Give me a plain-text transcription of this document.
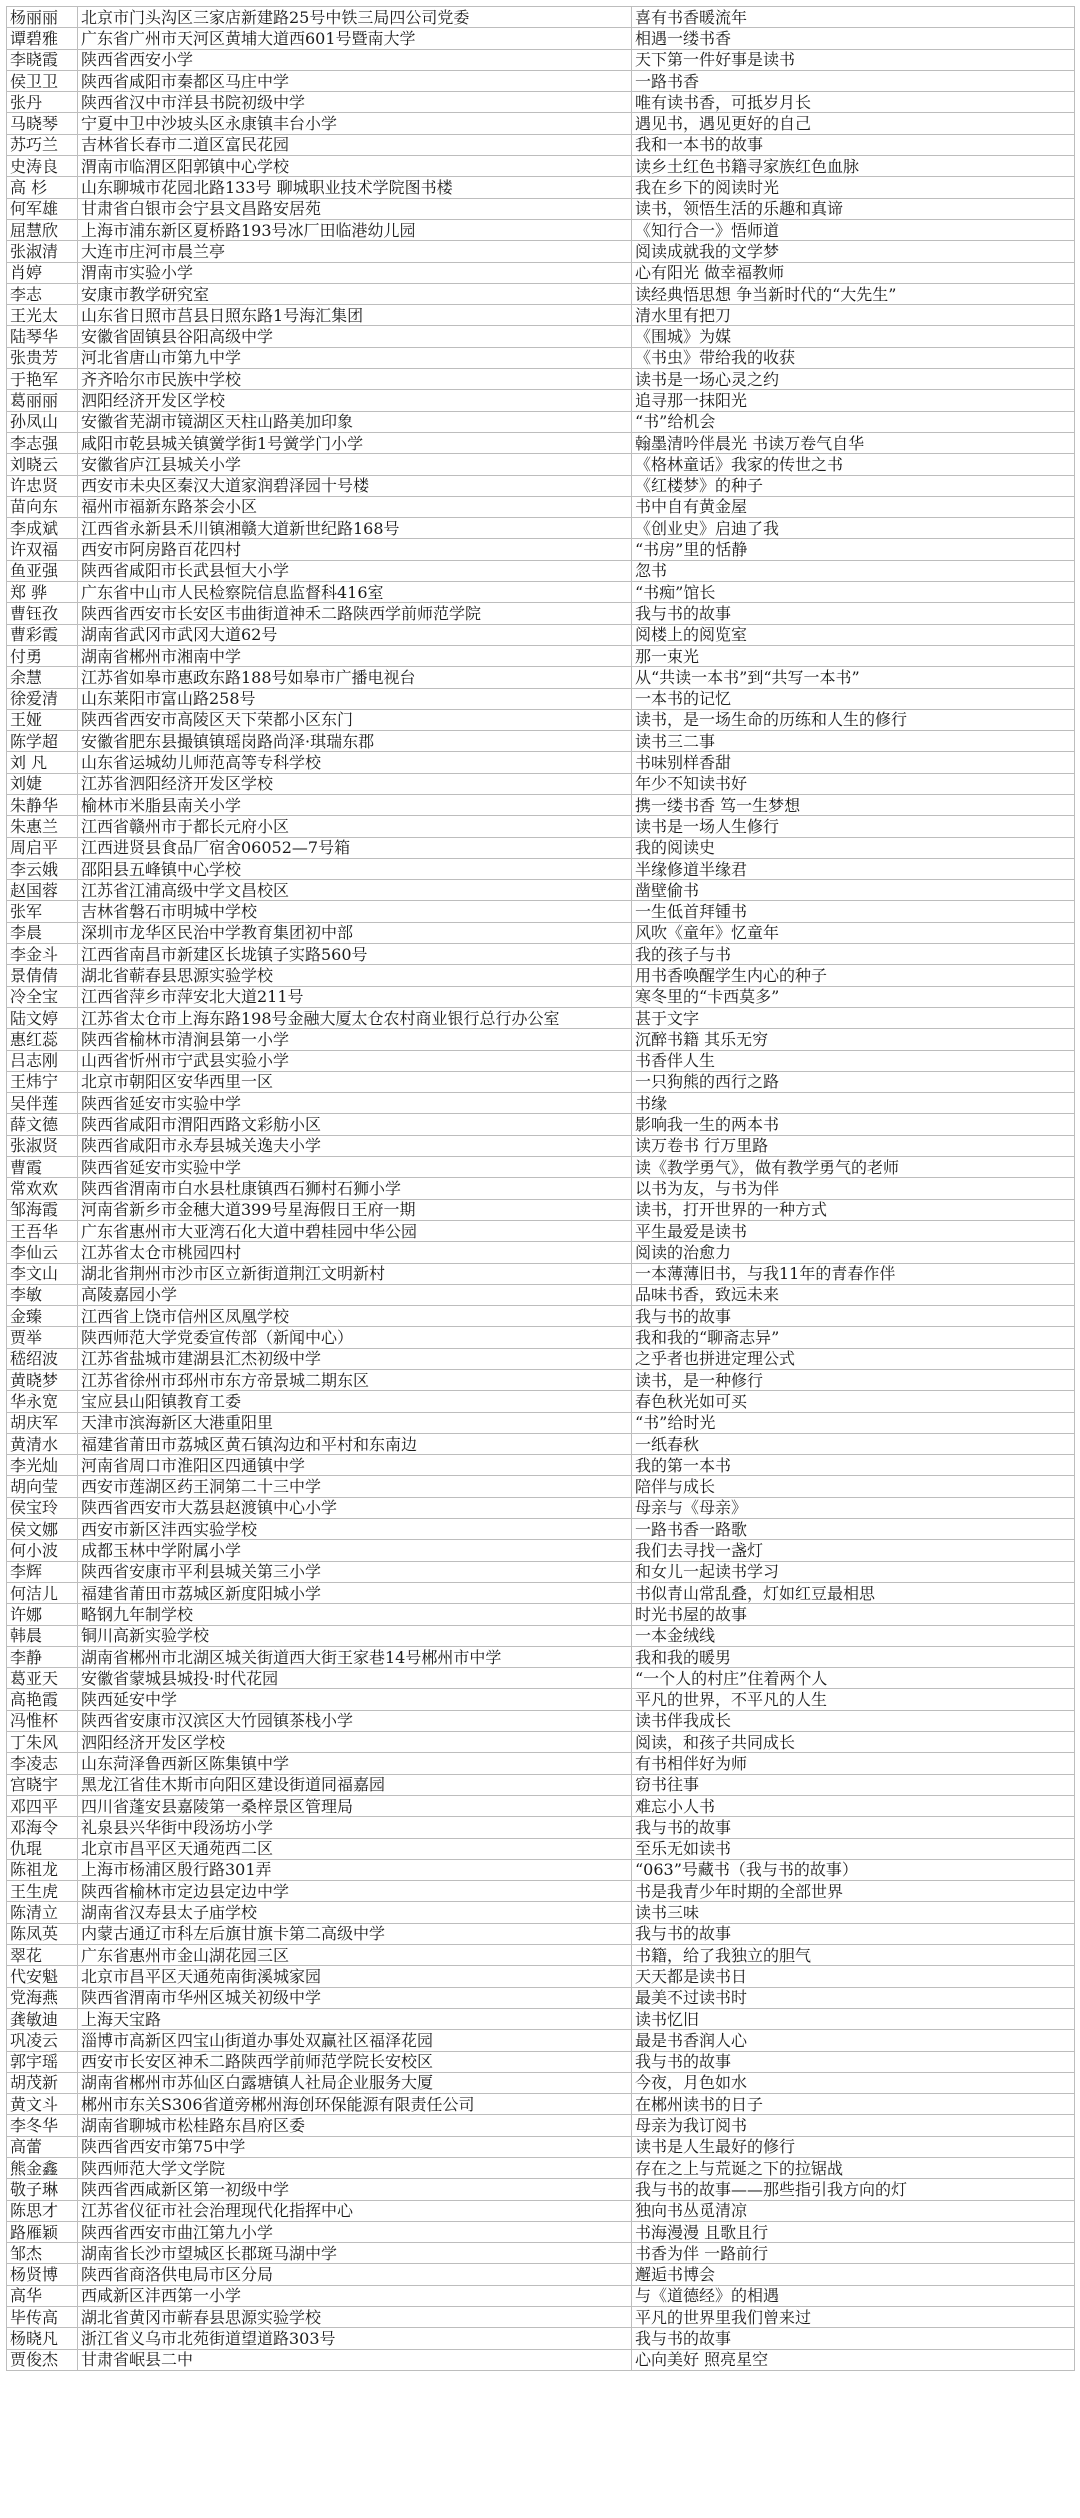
杨丽丽	北京市门头沟区三家店新建路25号中铁三局四公司党委	喜有书香暖流年
谭碧雅	广东省广州市天河区黄埔大道西601号暨南大学	相遇一缕书香
李晓霞	陕西省西安小学	天下第一件好事是读书
侯卫卫	陕西省咸阳市秦都区马庄中学	一路书香
张丹	陕西省汉中市洋县书院初级中学	唯有读书香，可抵岁月长
马晓琴	宁夏中卫中沙坡头区永康镇丰台小学	遇见书，遇见更好的自己
苏巧兰	吉林省长春市二道区富民花园	我和一本书的故事
史涛良	渭南市临渭区阳郭镇中心学校	读乡土红色书籍寻家族红色血脉
高 杉	山东聊城市花园北路133号 聊城职业技术学院图书楼	我在乡下的阅读时光
何军雄	甘肃省白银市会宁县文昌路安居苑	读书，领悟生活的乐趣和真谛
屈慧欣	上海市浦东新区夏桥路193号冰厂田临港幼儿园	《知行合一》悟师道
张淑清	大连市庄河市晨兰亭	阅读成就我的文学梦
肖婷	渭南市实验小学	心有阳光 做幸福教师
李志	安康市教学研究室	读经典悟思想 争当新时代的“大先生”
王光太	山东省日照市莒县日照东路1号海汇集团	清水里有把刀
陆琴华	安徽省固镇县谷阳高级中学	《围城》为媒
张贵芳	河北省唐山市第九中学	《书虫》带给我的收获
于艳军	齐齐哈尔市民族中学校	读书是一场心灵之约
葛丽丽	泗阳经济开发区学校	追寻那一抹阳光
孙凤山	安徽省芜湖市镜湖区天柱山路美加印象	“书”给机会
李志强	咸阳市乾县城关镇黉学街1号黉学门小学	翰墨清吟伴晨光 书读万卷气自华
刘晓云	安徽省庐江县城关小学	《格林童话》我家的传世之书
许忠贤	西安市未央区秦汉大道家润碧泽园十号楼	《红楼梦》的种子
苗向东	福州市福新东路茶会小区	书中自有黄金屋
李成斌	江西省永新县禾川镇湘赣大道新世纪路168号	《创业史》启迪了我
许双福	西安市阿房路百花四村	“书房”里的恬静
鱼亚强	陕西省咸阳市长武县恒大小学	忽书
郑 骅	广东省中山市人民检察院信息监督科416室	“书痴”馆长
曹钰孜	陕西省西安市长安区韦曲街道神禾二路陕西学前师范学院	我与书的故事
曹彩霞	湖南省武冈市武冈大道62号	阅楼上的阅览室
付勇	湖南省郴州市湘南中学	那一束光
余慧	江苏省如皋市惠政东路188号如皋市广播电视台	从“共读一本书”到“共写一本书”
徐爱清	山东莱阳市富山路258号	一本书的记忆
王娅	陕西省西安市高陵区天下荣都小区东门	读书，是一场生命的历练和人生的修行
陈学超	安徽省肥东县撮镇镇瑶岗路尚泽·琪瑞东郡	读书三二事
刘 凡	山东省运城幼儿师范高等专科学校	书味别样香甜
刘婕	江苏省泗阳经济开发区学校	年少不知读书好
朱静华	榆林市米脂县南关小学	携一缕书香 笃一生梦想
朱惠兰	江西省赣州市于都长元府小区	读书是一场人生修行
周启平	江西进贤县食品厂宿舍06052—7号箱	我的阅读史
李云娥	邵阳县五峰镇中心学校	半缘修道半缘君
赵国蓉	江苏省江浦高级中学文昌校区	凿壁偷书
张军	吉林省磐石市明城中学校	一生低首拜锺书
李晨	深圳市龙华区民治中学教育集团初中部	风吹《童年》忆童年
李金斗	江西省南昌市新建区长垅镇子实路560号	我的孩子与书
景倩倩	湖北省蕲春县思源实验学校	用书香唤醒学生内心的种子
冷全宝	江西省萍乡市萍安北大道211号	寒冬里的“卡西莫多”
陆文婷	江苏省太仓市上海东路198号金融大厦太仓农村商业银行总行办公室	甚于文字
惠红蕊	陕西省榆林市清涧县第一小学	沉醉书籍 其乐无穷
吕志刚	山西省忻州市宁武县实验小学	书香伴人生
王炜宁	北京市朝阳区安华西里一区	一只狗熊的西行之路
吴伴莲	陕西省延安市实验中学	书缘
薛文德	陕西省咸阳市渭阳西路文彩舫小区	影响我一生的两本书
张淑贤	陕西省咸阳市永寿县城关逸夫小学	读万卷书 行万里路
曹霞	陕西省延安市实验中学	读《教学勇气》，做有教学勇气的老师
常欢欢	陕西省渭南市白水县杜康镇西石狮村石狮小学	以书为友，与书为伴
邹海霞	河南省新乡市金穗大道399号星海假日王府一期	读书，打开世界的一种方式
王吾华	广东省惠州市大亚湾石化大道中碧桂园中华公园	平生最爱是读书
李仙云	江苏省太仓市桃园四村	阅读的治愈力
李文山	湖北省荆州市沙市区立新街道荆江文明新村	一本薄薄旧书，与我11年的青春作伴
李敏	高陵嘉园小学	品味书香，致远未来
金臻	江西省上饶市信州区凤凰学校	我与书的故事
贾举	陕西师范大学党委宣传部（新闻中心）	我和我的“聊斋志异”
嵇绍波	江苏省盐城市建湖县汇杰初级中学	之乎者也拼进定理公式
黄晓梦	江苏省徐州市邳州市东方帝景城二期东区	读书，是一种修行
华永宽	宝应县山阳镇教育工委	春色秋光如可买
胡庆军	天津市滨海新区大港重阳里	“书”给时光
黄清水	福建省莆田市荔城区黄石镇沟边和平村和东南边	一纸春秋
李光灿	河南省周口市淮阳区四通镇中学	我的第一本书
胡向莹	西安市莲湖区药王洞第二十三中学	陪伴与成长
侯宝玲	陕西省西安市大荔县赵渡镇中心小学	母亲与《母亲》
侯文娜	西安市新区沣西实验学校	一路书香一路歌
何小波	成都玉林中学附属小学	我们去寻找一盏灯
李辉	陕西省安康市平利县城关第三小学	和女儿一起读书学习
何洁儿	福建省莆田市荔城区新度阳城小学	书似青山常乱叠，灯如红豆最相思
许娜	略钢九年制学校	时光书屋的故事
韩晨	铜川高新实验学校	一本金绒线
李静	湖南省郴州市北湖区城关街道西大街王家巷14号郴州市中学	我和我的暖男
葛亚天	安徽省蒙城县城投·时代花园	“一个人的村庄”住着两个人
高艳霞	陕西延安中学	平凡的世界，不平凡的人生
冯惟杯	陕西省安康市汉滨区大竹园镇茶栈小学	读书伴我成长
丁朱风	泗阳经济开发区学校	阅读，和孩子共同成长
李凌志	山东菏泽鲁西新区陈集镇中学	有书相伴好为师
宫晓宇	黑龙江省佳木斯市向阳区建设街道同福嘉园	窃书往事
邓四平	四川省蓬安县嘉陵第一桑梓景区管理局	难忘小人书
邓海令	礼泉县兴华街中段汤坊小学	我与书的故事
仇琨	北京市昌平区天通苑西二区	至乐无如读书
陈祖龙	上海市杨浦区殷行路301弄	“063”号藏书（我与书的故事）
王生虎	陕西省榆林市定边县定边中学	书是我青少年时期的全部世界
陈清立	湖南省汉寿县太子庙学校	读书三味
陈凤英	内蒙古通辽市科左后旗甘旗卡第二高级中学	我与书的故事
翠花	广东省惠州市金山湖花园三区	书籍，给了我独立的胆气
代安魁	北京市昌平区天通苑南街溪城家园	天天都是读书日
党海燕	陕西省渭南市华州区城关初级中学	最美不过读书时
龚敏迪	上海天宝路	读书忆旧
巩凌云	淄博市高新区四宝山街道办事处双赢社区福泽花园	最是书香润人心
郭宇瑶	西安市长安区神禾二路陕西学前师范学院长安校区	我与书的故事
胡茂新	湖南省郴州市苏仙区白露塘镇人社局企业服务大厦	今夜，月色如水
黄文斗	郴州市东关S306省道旁郴州海创环保能源有限责任公司	在郴州读书的日子
李冬华	湖南省聊城市松桂路东昌府区委	母亲为我订阅书
高蕾	陕西省西安市第75中学	读书是人生最好的修行
熊金鑫	陕西师范大学文学院	存在之上与荒诞之下的拉锯战
敬子琳	陕西省西咸新区第一初级中学	我与书的故事——那些指引我方向的灯
陈思才	江苏省仪征市社会治理现代化指挥中心	独向书丛觅清凉
路雁颖	陕西省西安市曲江第九小学	书海漫漫 且歌且行
邹杰	湖南省长沙市望城区长郡斑马湖中学	书香为伴 一路前行
杨贤博	陕西省商洛供电局市区分局	邂逅书博会
高华	西咸新区沣西第一小学	与《道德经》的相遇
毕传高	湖北省黄冈市蕲春县思源实验学校	平凡的世界里我们曾来过
杨晓凡	浙江省义乌市北苑街道望道路303号	我与书的故事
贾俊杰	甘肃省岷县二中	心向美好 照亮星空
